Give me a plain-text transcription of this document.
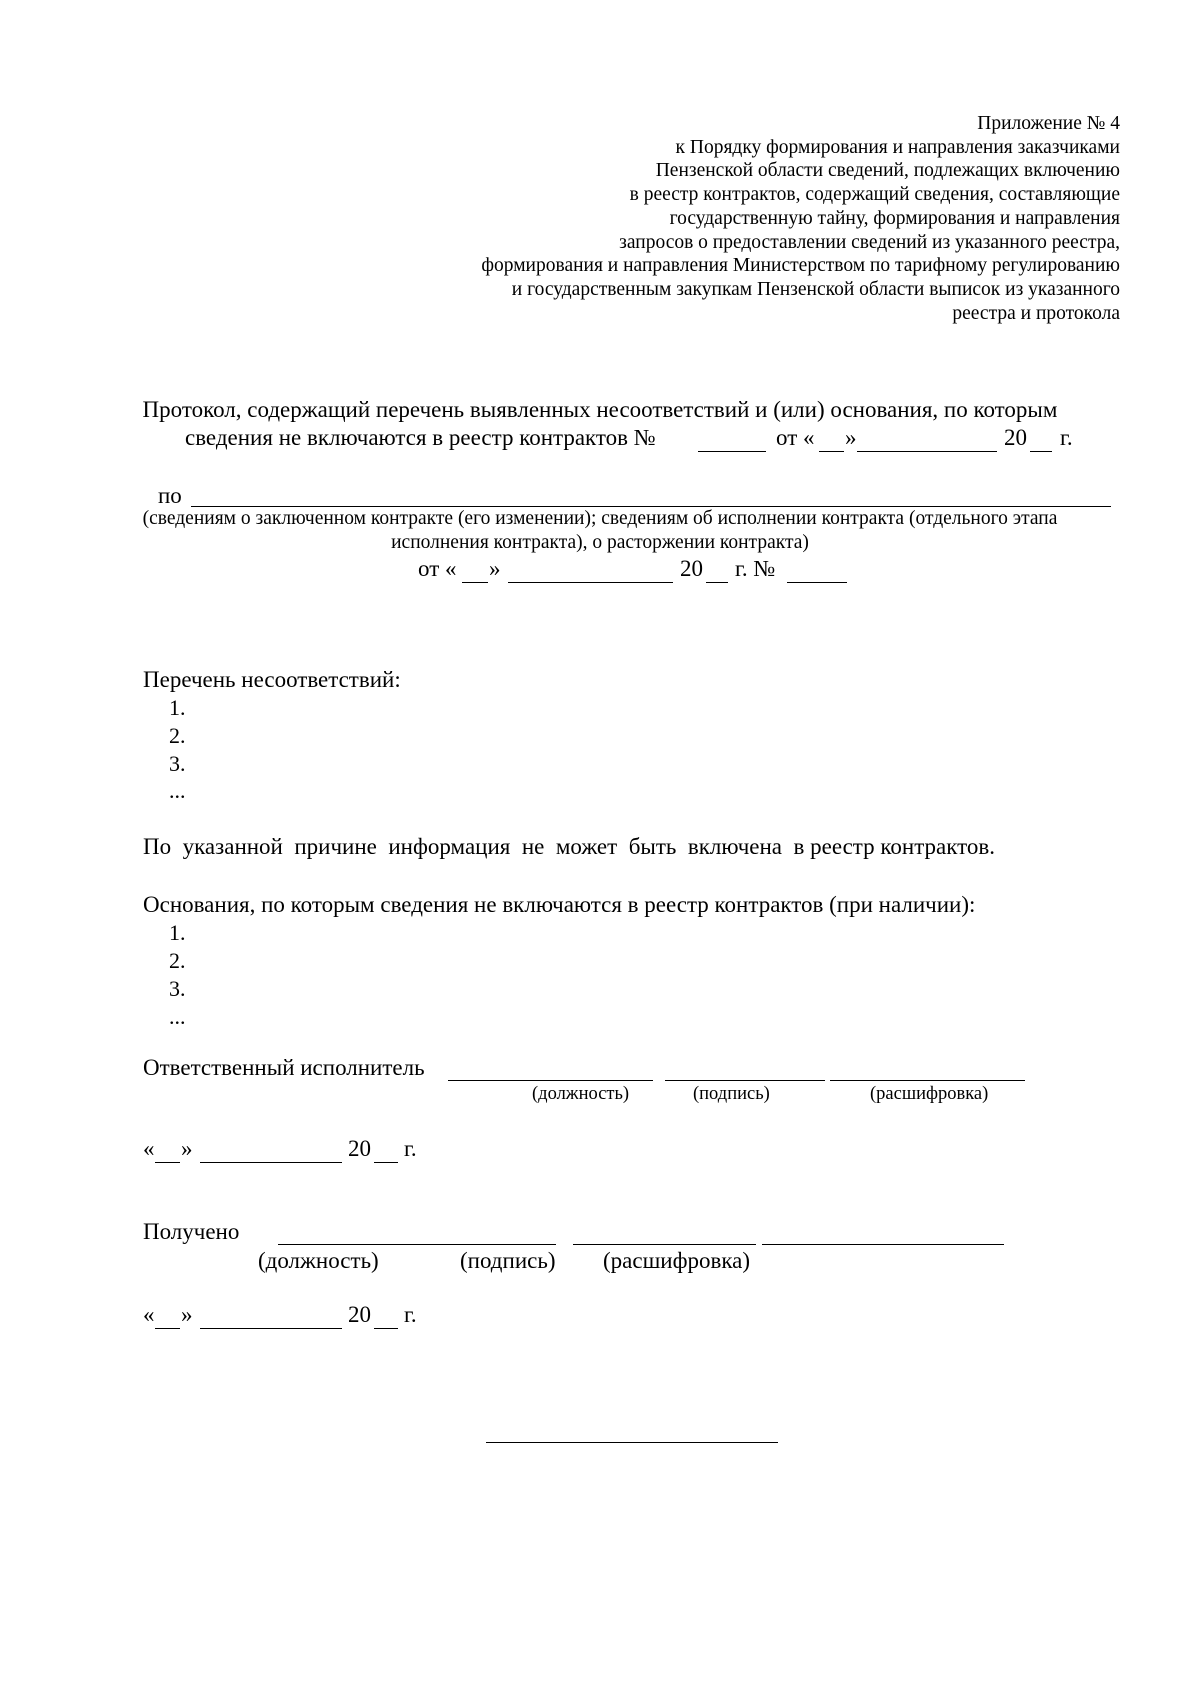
Приложение № 4
к Порядку формирования и направления заказчиками
Пензенской области сведений, подлежащих включению
в реестр контрактов, содержащий сведения, составляющие
государственную тайну, формирования и направления
запросов о предоставлении сведений из указанного реестра,
формирования и направления Министерством по тарифному регулированию
и государственным закупкам Пензенской области выписок из указанного
реестра и протокола
Протокол, содержащий перечень выявленных несоответствий и (или) основания, по которым
сведения не включаются в реестр контрактов №	от « »	20 г.
по
(сведениям о заключенном контракте (его изменении); сведениям об исполнении контракта (отдельного этапа
исполнения контракта), о расторжении контракта)
от « »	20 г. №
Перечень несоответствий:
1.
2.
3.
...
По  указанной  причине  информация  не  может  быть  включена  в реестр контрактов.
Основания, по которым сведения не включаются в реестр контрактов (при наличии):
1.
2.
3.
...
Ответственный исполнитель
(должность)	(подпись)	(расшифровка)
« »	20 г.
Получено
(должность)	(подпись) (расшифровка)
« »	20 г.
